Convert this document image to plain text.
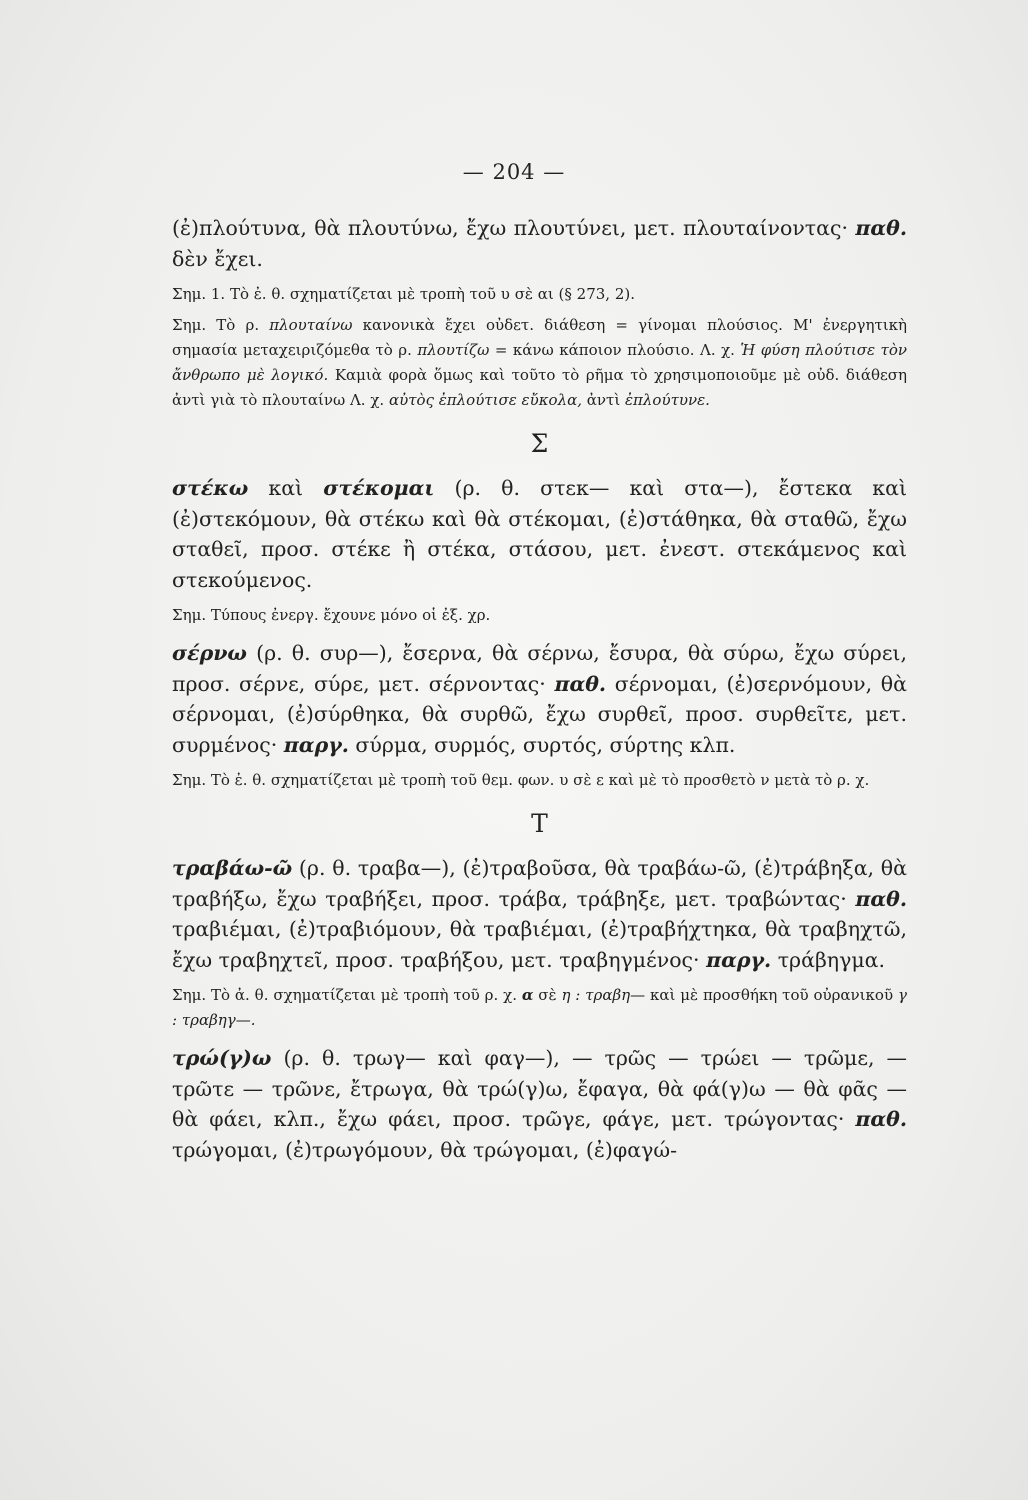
— 204 —

(ἐ)πλούτυνα, θὰ πλουτύνω, ἔχω πλουτύνει, μετ. πλουταίνοντας· παθ. δὲν ἔχει.

Σημ. 1. Τὸ ἐ. θ. σχηματίζεται μὲ τροπὴ τοῦ υ σὲ αι (§ 273, 2).

Σημ. Τὸ ρ. πλουταίνω κανονικὰ ἔχει οὐδετ. διάθεση = γίνομαι πλούσιος. Μ' ἐνεργητικὴ σημασία μεταχειριζόμεθα τὸ ρ. πλουτίζω = κάνω κάποιον πλούσιο. Λ. χ. Ἡ φύση πλούτισε τὸν ἄνθρωπο μὲ λογικό. Καμιὰ φορὰ ὅμως καὶ τοῦτο τὸ ρῆμα τὸ χρησιμοποιοῦμε μὲ οὐδ. διάθεση ἀντὶ γιὰ τὸ πλουταίνω Λ. χ. αὐτὸς ἐπλούτισε εὔκολα, ἀντὶ ἐπλούτυνε.

Σ

στέκω καὶ στέκομαι (ρ. θ. στεκ— καὶ στα—), ἔστεκα καὶ (ἐ)στεκόμουν, θὰ στέκω καὶ θὰ στέκομαι, (ἐ)στάθηκα, θὰ σταθῶ, ἔχω σταθεῖ, προσ. στέκε ἢ στέκα, στάσου, μετ. ἐνεστ. στεκάμενος καὶ στεκούμενος.

Σημ. Τύπους ἐνεργ. ἔχουνε μόνο οἱ ἐξ. χρ.

σέρνω (ρ. θ. συρ—), ἔσερνα, θὰ σέρνω, ἔσυρα, θὰ σύρω, ἔχω σύρει, προσ. σέρνε, σύρε, μετ. σέρνοντας· παθ. σέρνομαι, (ἐ)σερνόμουν, θὰ σέρνομαι, (ἐ)σύρθηκα, θὰ συρθῶ, ἔχω συρθεῖ, προσ. συρθεῖτε, μετ. συρμένος· παργ. σύρμα, συρμός, συρτός, σύρτης κλπ.

Σημ. Τὸ ἐ. θ. σχηματίζεται μὲ τροπὴ τοῦ θεμ. φων. υ σὲ ε καὶ μὲ τὸ προσθετὸ ν μετὰ τὸ ρ. χ.

Τ

τραβάω-ῶ (ρ. θ. τραβα—), (ἐ)τραβοῦσα, θὰ τραβάω-ῶ, (ἐ)τράβηξα, θὰ τραβήξω, ἔχω τραβήξει, προσ. τράβα, τράβηξε, μετ. τραβώντας· παθ. τραβιέμαι, (ἐ)τραβιόμουν, θὰ τραβιέμαι, (ἐ)τραβήχτηκα, θὰ τραβηχτῶ, ἔχω τραβηχτεῖ, προσ. τραβήξου, μετ. τραβηγμένος· παργ. τράβηγμα.

Σημ. Τὸ ἀ. θ. σχηματίζεται μὲ τροπὴ τοῦ ρ. χ. α σὲ η : τραβη— καὶ μὲ προσθήκη τοῦ οὐρανικοῦ γ : τραβηγ—.

τρώ(γ)ω (ρ. θ. τρωγ— καὶ φαγ—), — τρῶς — τρώει — τρῶμε, — τρῶτε — τρῶνε, ἔτρωγα, θὰ τρώ(γ)ω, ἔφαγα, θὰ φά(γ)ω — θὰ φᾶς — θὰ φάει, κλπ., ἔχω φάει, προσ. τρῶγε, φάγε, μετ. τρώγοντας· παθ. τρώγομαι, (ἐ)τρωγόμουν, θὰ τρώγομαι, (ἐ)φαγώ-
